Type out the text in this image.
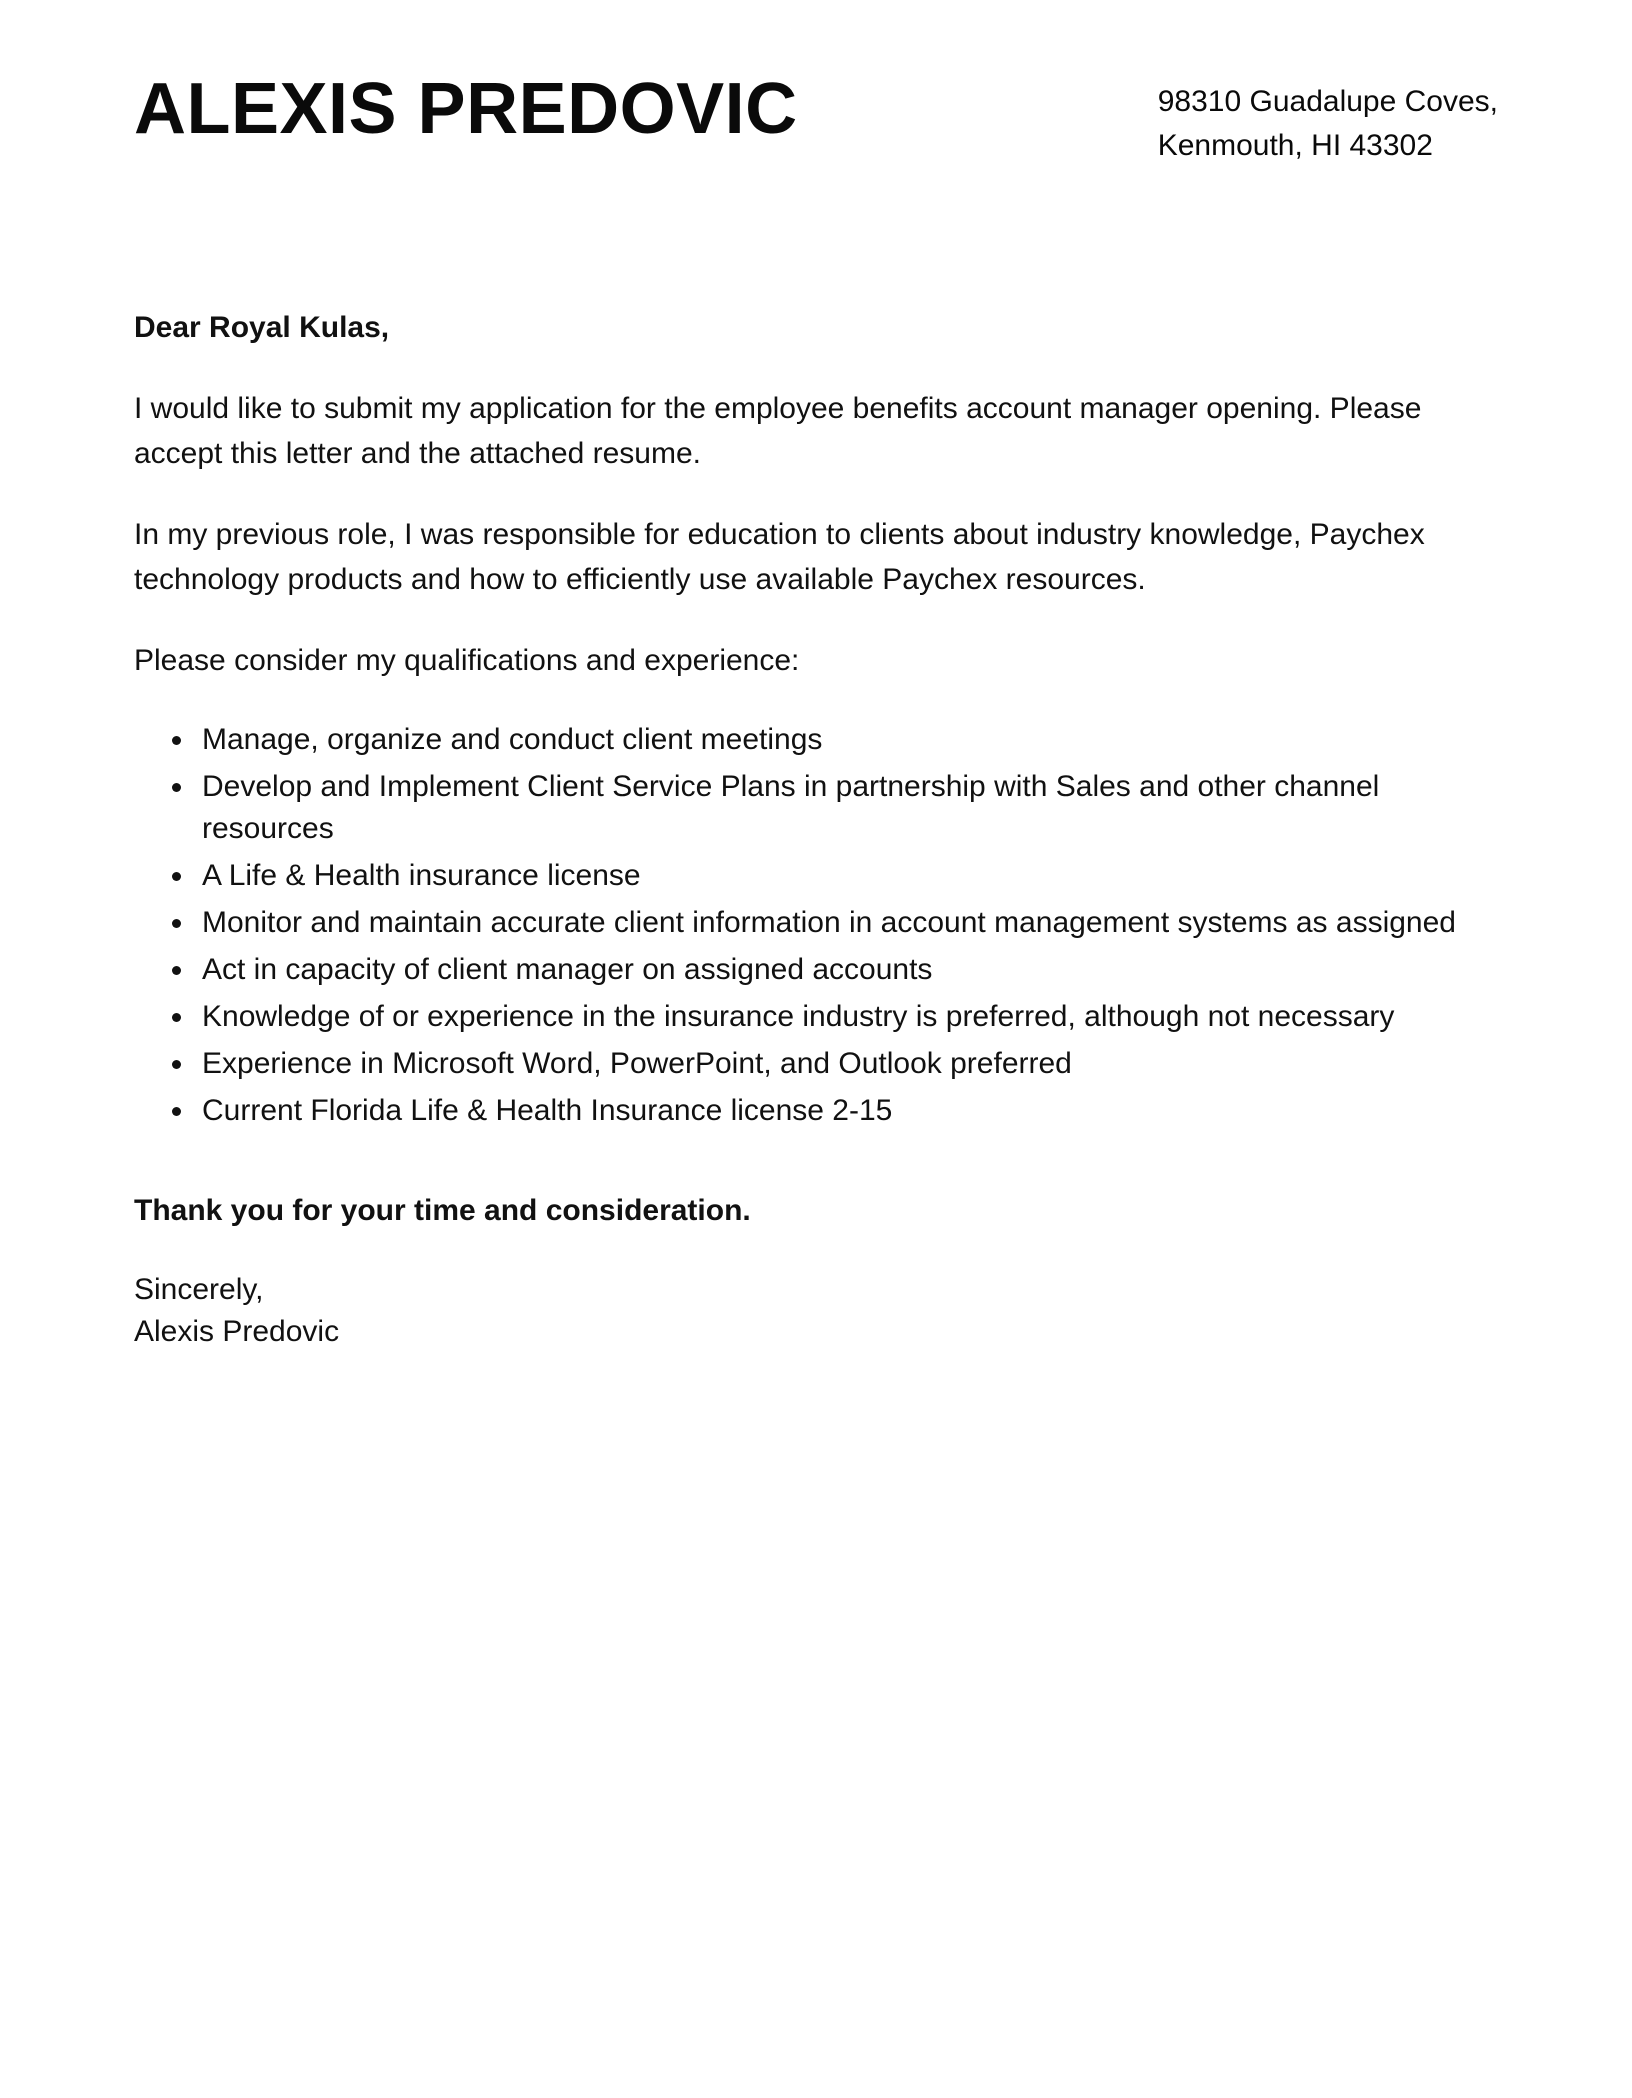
ALEXIS PREDOVIC	98310 Guadalupe Coves,
Kenmouth, HI 43302
Dear Royal Kulas,
I would like to submit my application for the employee benefits account manager opening. Please accept this letter and the attached resume.
In my previous role, I was responsible for education to clients about industry knowledge, Paychex technology products and how to efficiently use available Paychex resources.
Please consider my qualifications and experience:
• Manage, organize and conduct client meetings
• Develop and Implement Client Service Plans in partnership with Sales and other channel resources
• A Life & Health insurance license
• Monitor and maintain accurate client information in account management systems as assigned
• Act in capacity of client manager on assigned accounts
• Knowledge of or experience in the insurance industry is preferred, although not necessary
• Experience in Microsoft Word, PowerPoint, and Outlook preferred
• Current Florida Life & Health Insurance license 2-15
Thank you for your time and consideration.
Sincerely,
Alexis Predovic
